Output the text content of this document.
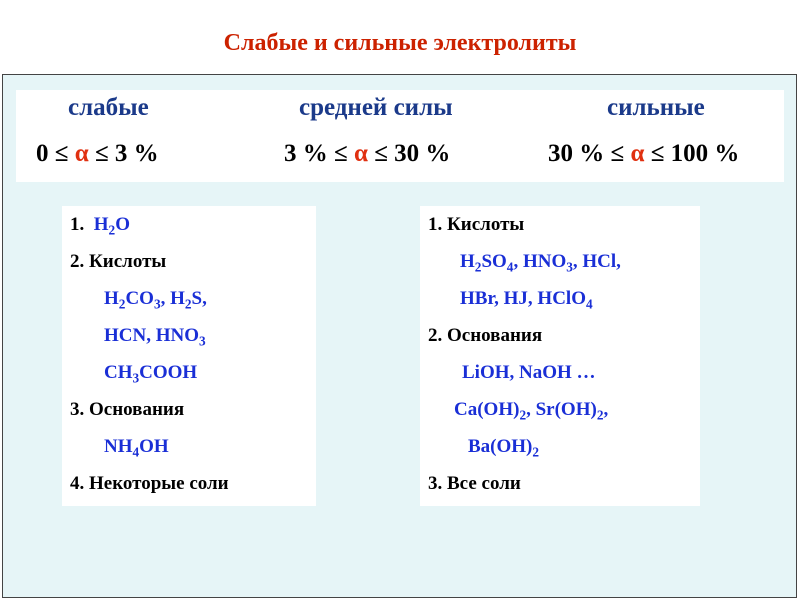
Слабые и сильные электролиты
слабые	средней силы	сильные
0 ≤ α ≤ 3 %	3 % ≤ α ≤ 30 %	30 % ≤ α ≤ 100 %
1. $H_2O$
2. Кислоты
$H_2CO_3$, $H_2S$,
HCN, $HNO_3$
$CH_3COOH$
3. Основания
$NH_4OH$
4. Некоторые соли
1. Кислоты
$H_2SO_4$, $HNO_3$, HCl,
HBr, HJ, HClO$_4$
2. Основания
LiOH, NaOH …
$Ca(OH)_2$, $Sr(OH)_2$,
$Ba(OH)_2$
3. Все соли
